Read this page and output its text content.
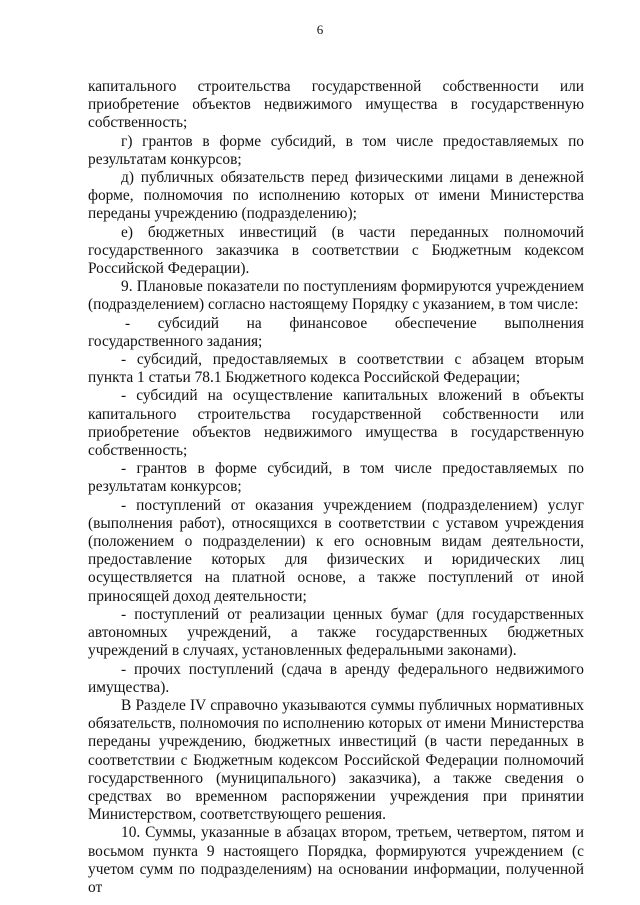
6

капитального строительства государственной собственности или приобретение объектов недвижимого имущества в государственную собственность;

г) грантов в форме субсидий, в том числе предоставляемых по результатам конкурсов;

д) публичных обязательств перед физическими лицами в денежной форме, полномочия по исполнению которых от имени Министерства переданы учреждению (подразделению);

е) бюджетных инвестиций (в части переданных полномочий государственного заказчика в соответствии с Бюджетным кодексом Российской Федерации).

9. Плановые показатели по поступлениям формируются учреждением (подразделением) согласно настоящему Порядку с указанием, в том числе:

- субсидий на финансовое обеспечение выполнения государственного задания;

- субсидий, предоставляемых в соответствии с абзацем вторым пункта 1 статьи 78.1 Бюджетного кодекса Российской Федерации;

- субсидий на осуществление капитальных вложений в объекты капитального строительства государственной собственности или приобретение объектов недвижимого имущества в государственную собственность;

- грантов в форме субсидий, в том числе предоставляемых по результатам конкурсов;

- поступлений от оказания учреждением (подразделением) услуг (выполнения работ), относящихся в соответствии с уставом учреждения (положением о подразделении) к его основным видам деятельности, предоставление которых для физических и юридических лиц осуществляется на платной основе, а также поступлений от иной приносящей доход деятельности;

- поступлений от реализации ценных бумаг (для государственных автономных учреждений, а также государственных бюджетных учреждений в случаях, установленных федеральными законами).

- прочих поступлений (сдача в аренду федерального недвижимого имущества).

В Разделе IV справочно указываются суммы публичных нормативных обязательств, полномочия по исполнению которых от имени Министерства переданы учреждению, бюджетных инвестиций (в части переданных в соответствии с Бюджетным кодексом Российской Федерации полномочий государственного (муниципального) заказчика), а также сведения о средствах во временном распоряжении учреждения при принятии Министерством, соответствующего решения.

10. Суммы, указанные в абзацах втором, третьем, четвертом, пятом и восьмом пункта 9 настоящего Порядка, формируются учреждением (с учетом сумм по подразделениям) на основании информации, полученной от
